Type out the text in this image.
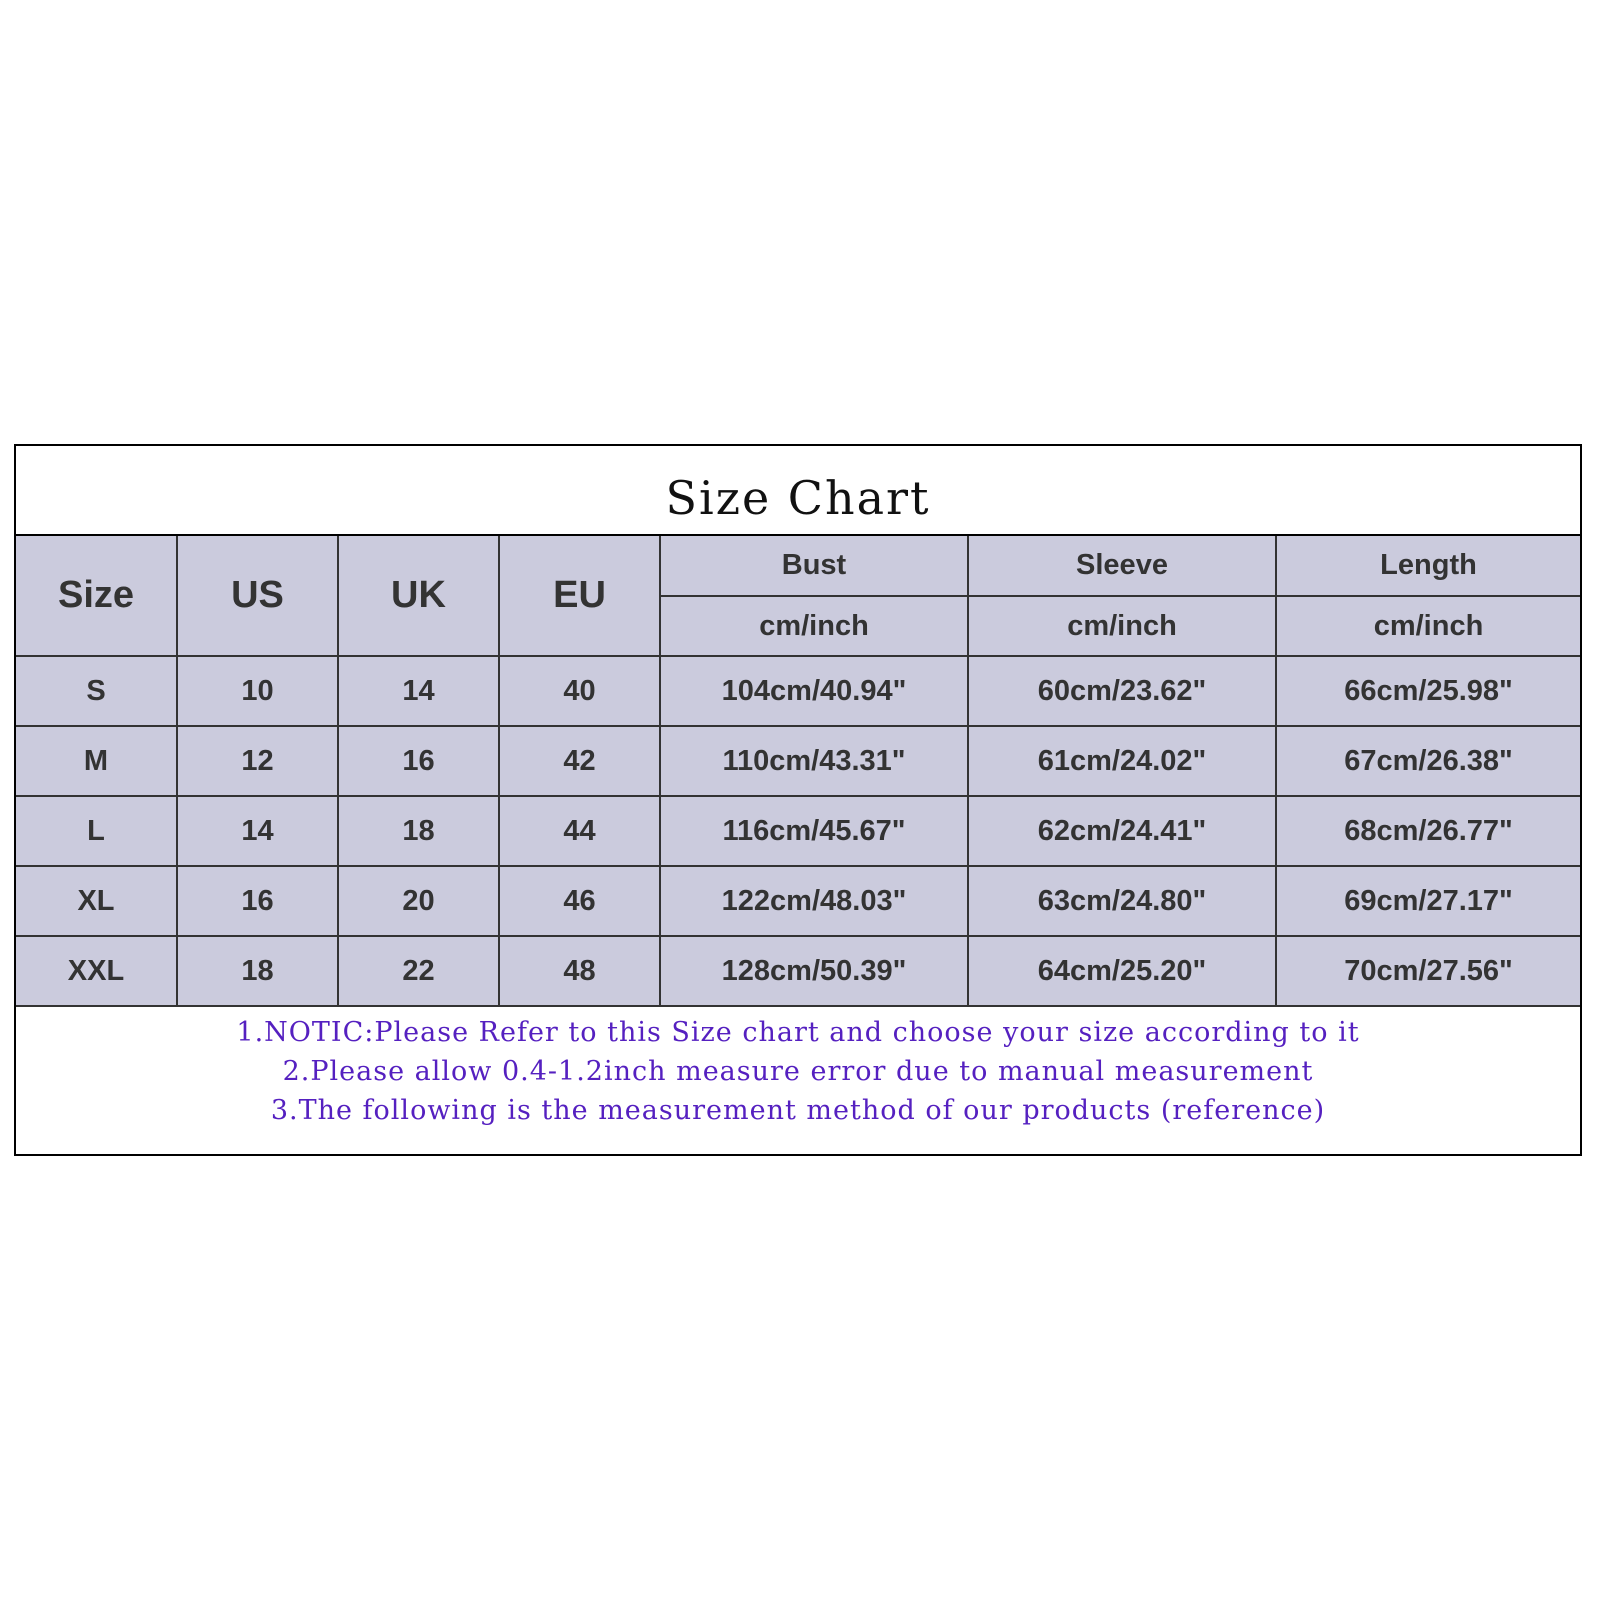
Size Chart
Size	US	UK	EU	Bust	Sleeve	Length
				cm/inch	cm/inch	cm/inch
S	10	14	40	104cm/40.94"	60cm/23.62"	66cm/25.98"
M	12	16	42	110cm/43.31"	61cm/24.02"	67cm/26.38"
L	14	18	44	116cm/45.67"	62cm/24.41"	68cm/26.77"
XL	16	20	46	122cm/48.03"	63cm/24.80"	69cm/27.17"
XXL	18	22	48	128cm/50.39"	64cm/25.20"	70cm/27.56"
1.NOTIC:Please Refer to this Size chart and choose your size according to it
2.Please allow 0.4-1.2inch measure error due to manual measurement
3.The following is the measurement method of our products (reference)
